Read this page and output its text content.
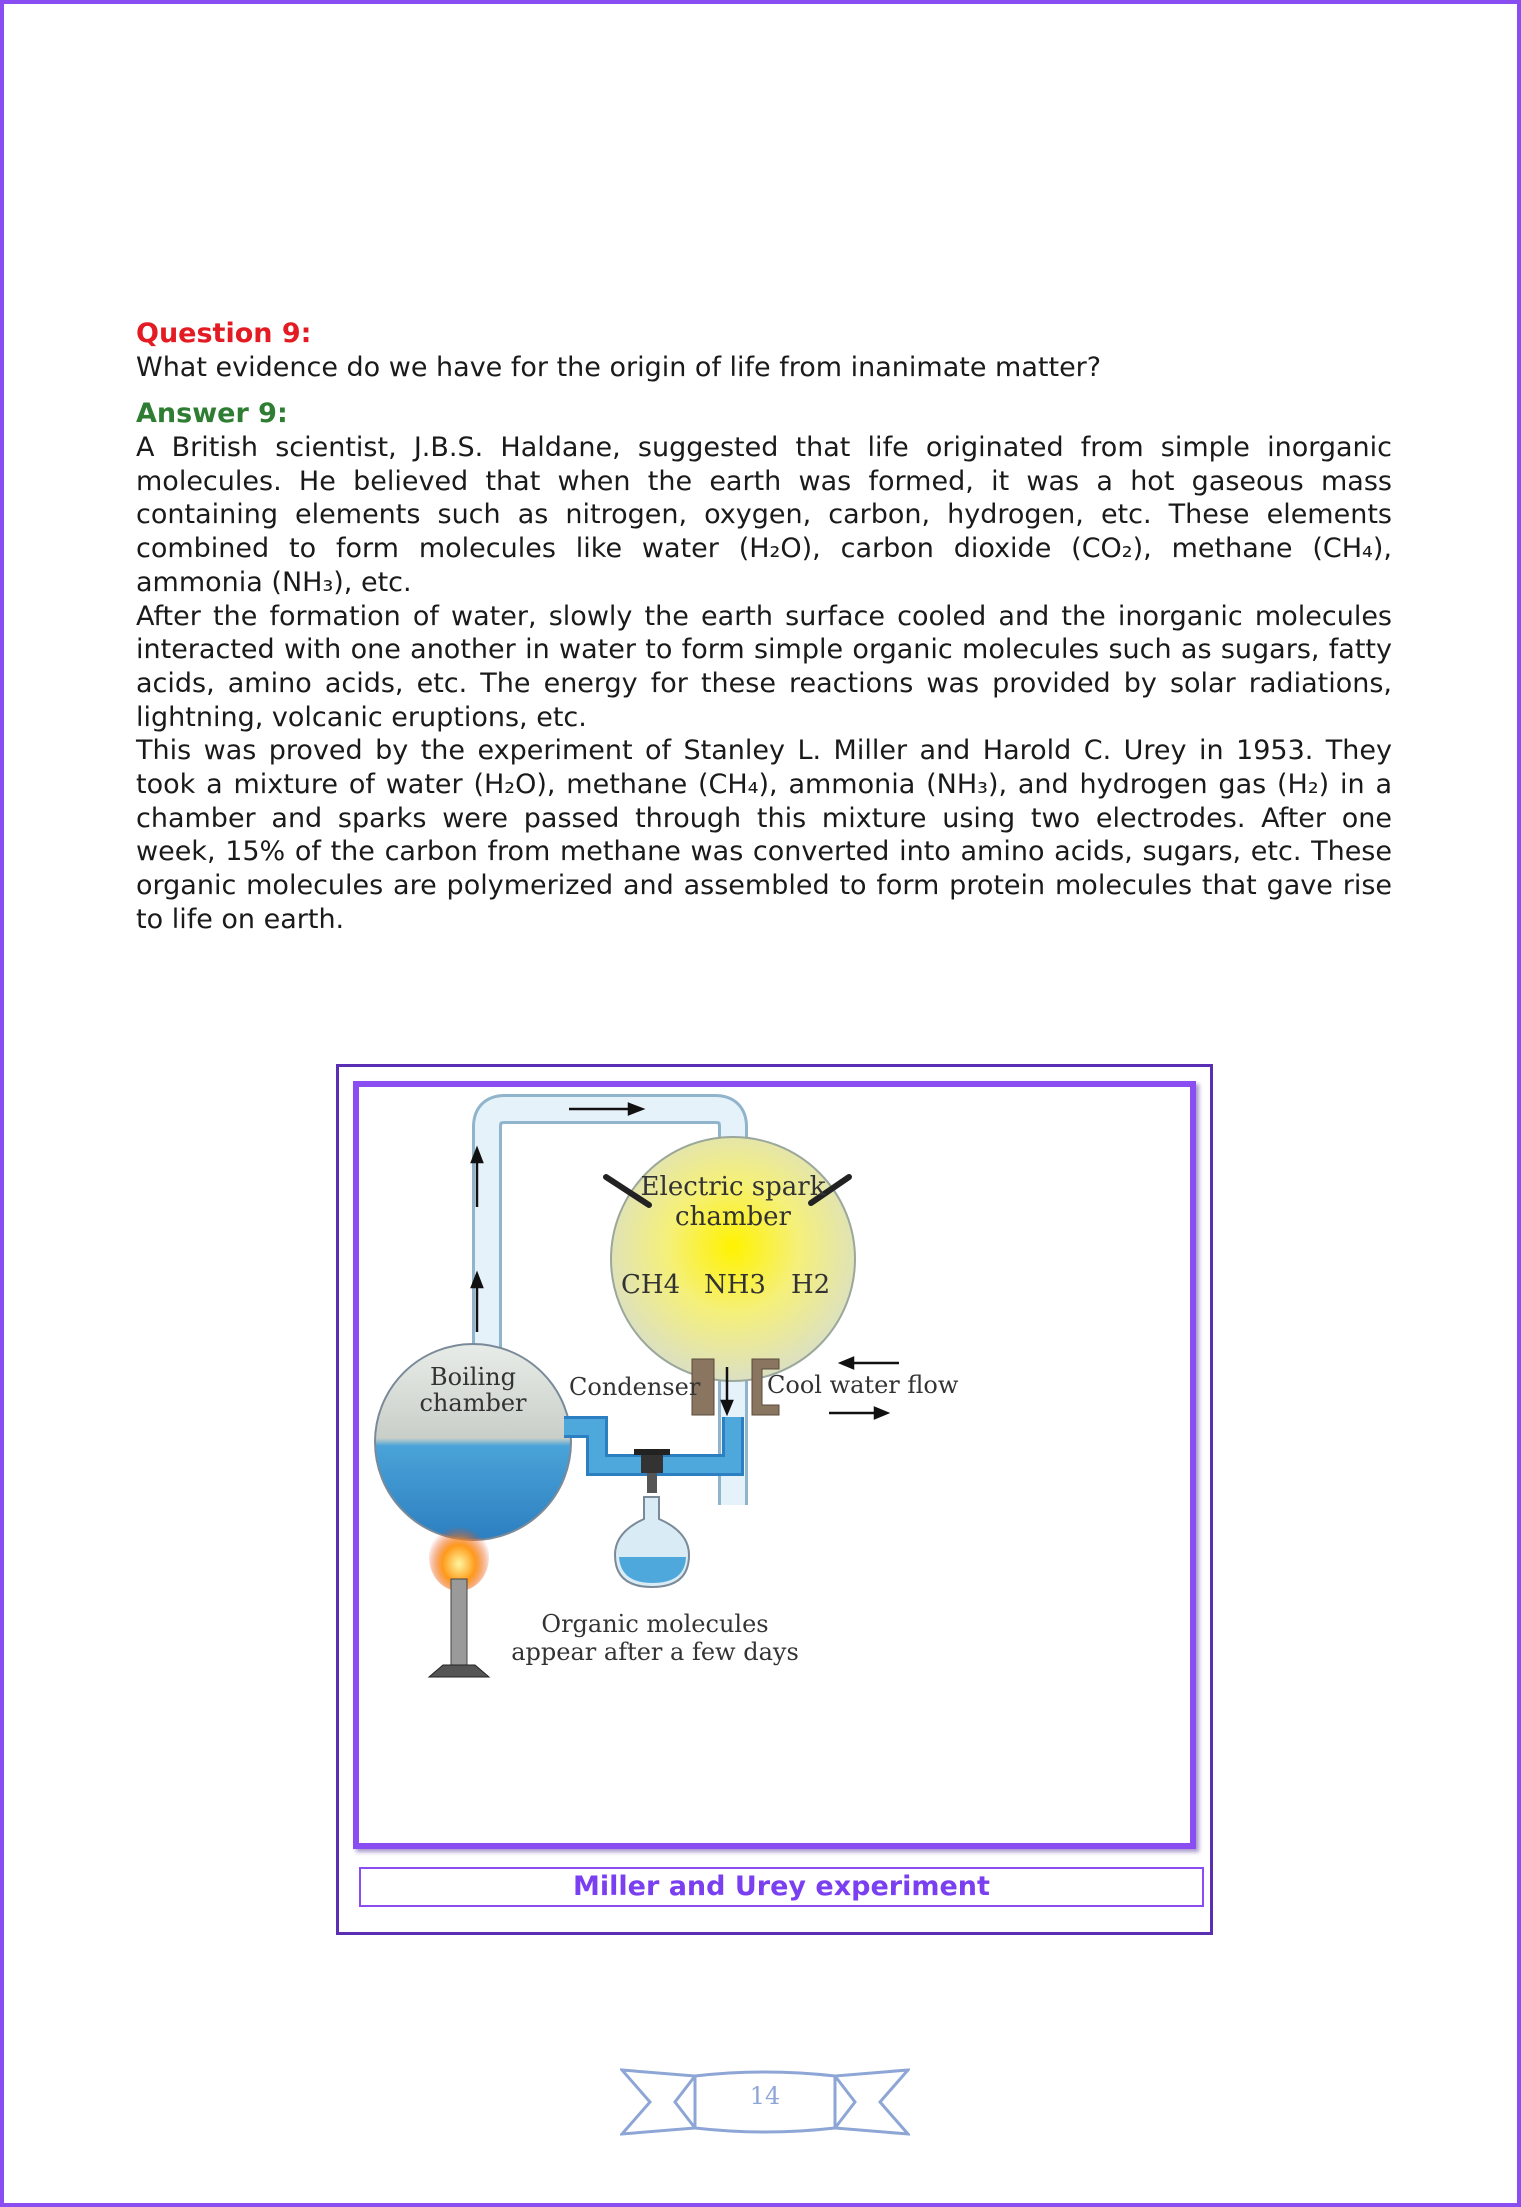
Question 9:
What evidence do we have for the origin of life from inanimate matter?
Answer 9:

A British scientist, J.B.S. Haldane, suggested that life originated from simple inorganic molecules. He believed that when the earth was formed, it was a hot gaseous mass containing elements such as nitrogen, oxygen, carbon, hydrogen, etc. These elements combined to form molecules like water (H₂O), carbon dioxide (CO₂), methane (CH₄), ammonia (NH₃), etc.

After the formation of water, slowly the earth surface cooled and the inorganic molecules interacted with one another in water to form simple organic molecules such as sugars, fatty acids, amino acids, etc. The energy for these reactions was provided by solar radiations, lightning, volcanic eruptions, etc.

This was proved by the experiment of Stanley L. Miller and Harold C. Urey in 1953. They took a mixture of water (H₂O), methane (CH₄), ammonia (NH₃), and hydrogen gas (H₂) in a chamber and sparks were passed through this mixture using two electrodes. After one week, 15% of the carbon from methane was converted into amino acids, sugars, etc. These organic molecules are polymerized and assembled to form protein molecules that gave rise to life on earth.

Electric spark
chamber
CH4 NH3 H2
Condenser	Cool water flow
Boiling
chamber
Organic molecules
appear after a few days
Miller and Urey experiment
14
